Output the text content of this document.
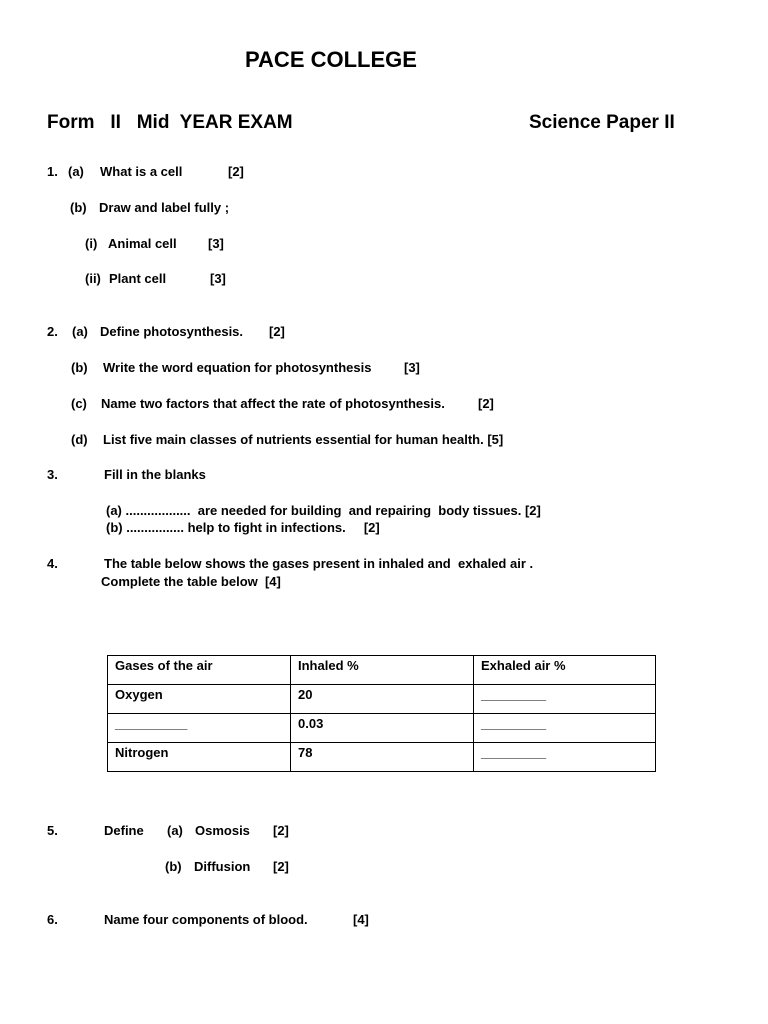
PACE COLLEGE
Form   II   Mid  YEAR EXAM	Science Paper II
1. (a) What is a cell	[2]
(b) Draw and label fully ;
(i) Animal cell [3]
(ii) Plant cell	[3]
2. (a) Define photosynthesis. [2]
(b) Write the word equation for photosynthesis	[3]
(c) Name two factors that affect the rate of photosynthesis.	[2]
(d) List five main classes of nutrients essential for human health. [5]
3.	Fill in the blanks
(a) ..................  are needed for building  and repairing  body tissues. [2]
(b) ................ help to fight in infections.     [2]
4.	The table below shows the gases present in inhaled and  exhaled air .
Complete the table below  [4]
Gases of the air	Inhaled %	Exhaled air %
Oxygen	20	_________
__________	0.03	_________
Nitrogen	78	_________
5.	Define (a) Osmosis [2]
(b) Diffusion [2]
6.	Name four components of blood.	[4]
